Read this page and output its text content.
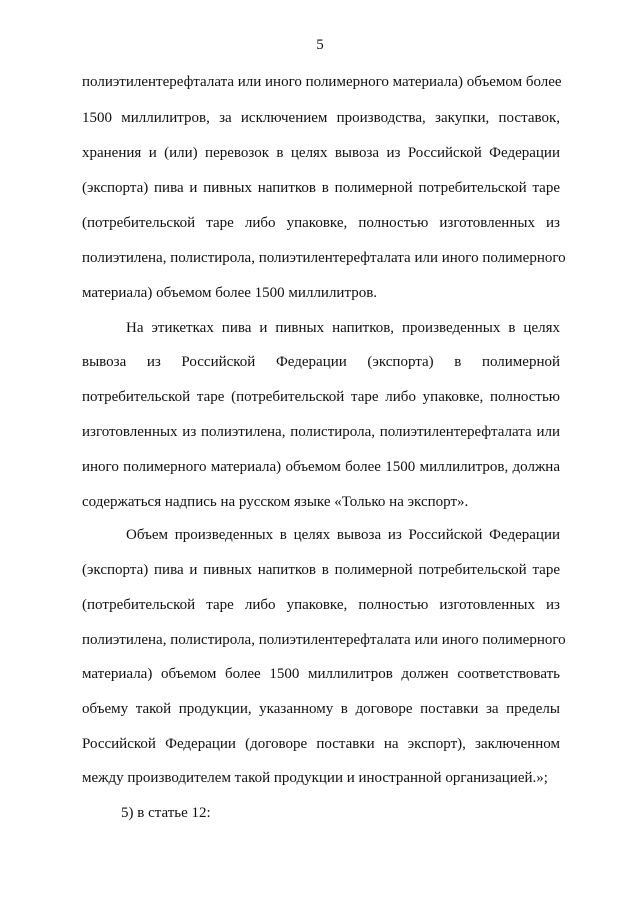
5
полиэтилентерефталата или иного полимерного материала) объемом более
1500 миллилитров, за исключением производства, закупки, поставок,
хранения и (или) перевозок в целях вывоза из Российской Федерации
(экспорта) пива и пивных напитков в полимерной потребительской таре
(потребительской таре либо упаковке, полностью изготовленных из
полиэтилена, полистирола, полиэтилентерефталата или иного полимерного
материала) объемом более 1500 миллилитров.
На этикетках пива и пивных напитков, произведенных в целях
вывоза из Российской Федерации (экспорта) в полимерной
потребительской таре (потребительской таре либо упаковке, полностью
изготовленных из полиэтилена, полистирола, полиэтилентерефталата или
иного полимерного материала) объемом более 1500 миллилитров, должна
содержаться надпись на русском языке «Только на экспорт».
Объем произведенных в целях вывоза из Российской Федерации
(экспорта) пива и пивных напитков в полимерной потребительской таре
(потребительской таре либо упаковке, полностью изготовленных из
полиэтилена, полистирола, полиэтилентерефталата или иного полимерного
материала) объемом более 1500 миллилитров должен соответствовать
объему такой продукции, указанному в договоре поставки за пределы
Российской Федерации (договоре поставки на экспорт), заключенном
между производителем такой продукции и иностранной организацией.»;
5) в статье 12:
